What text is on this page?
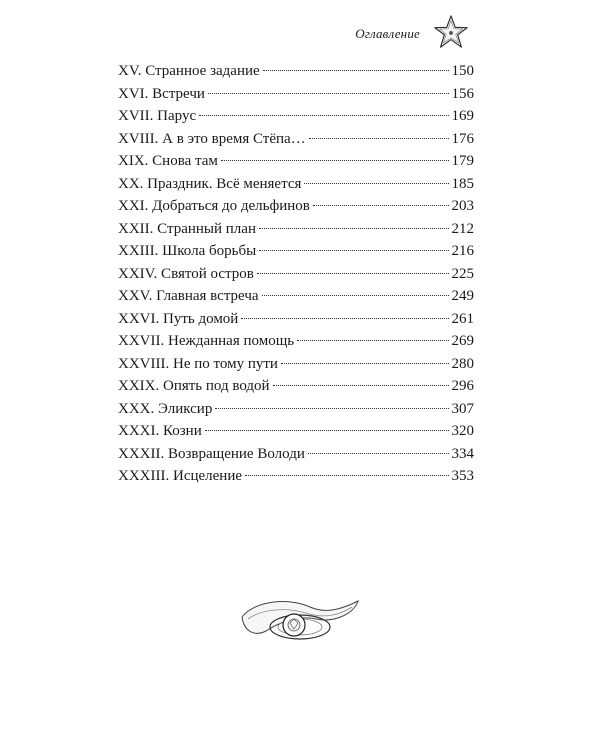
Оглавление
XV. Странное задание	150
XVI. Встречи	156
XVII. Парус	169
XVIII. А в это время Стёпа…	176
XIX. Снова там	179
XX. Праздник. Всё меняется	185
XXI. Добраться до дельфинов	203
XXII. Странный план	212
XXIII. Школа борьбы	216
XXIV. Святой остров	225
XXV. Главная встреча	249
XXVI. Путь домой	261
XXVII. Нежданная помощь	269
XXVIII. Не по тому пути	280
XXIX. Опять под водой	296
XXX. Эликсир	307
XXXI. Козни	320
XXXII. Возвращение Володи	334
XXXIII. Исцеление	353
